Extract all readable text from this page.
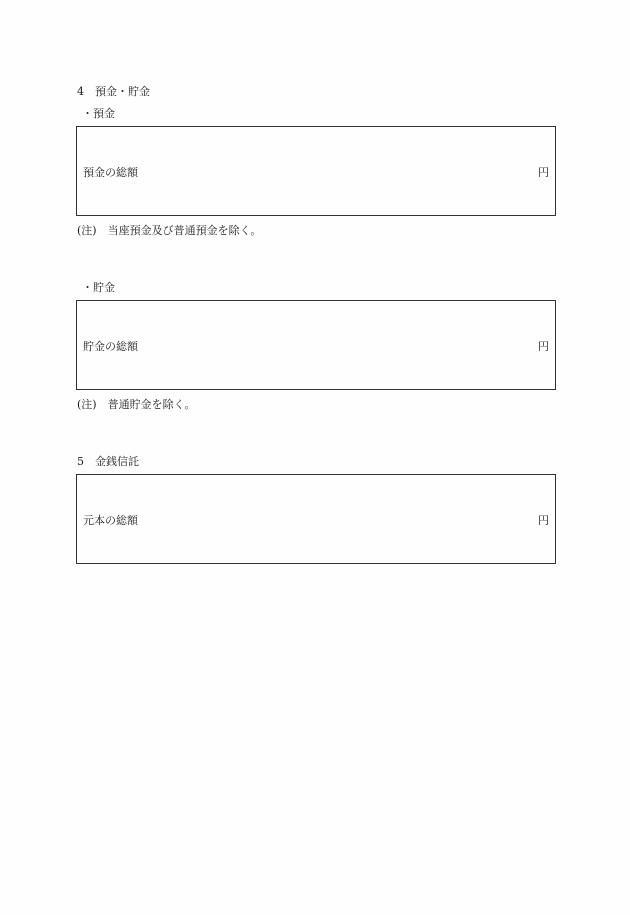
4　預金・貯金
・預金
預金の総額	円
(注)　当座預金及び普通預金を除く。
・貯金
貯金の総額	円
(注)　普通貯金を除く。
5　金銭信託
元本の総額	円
